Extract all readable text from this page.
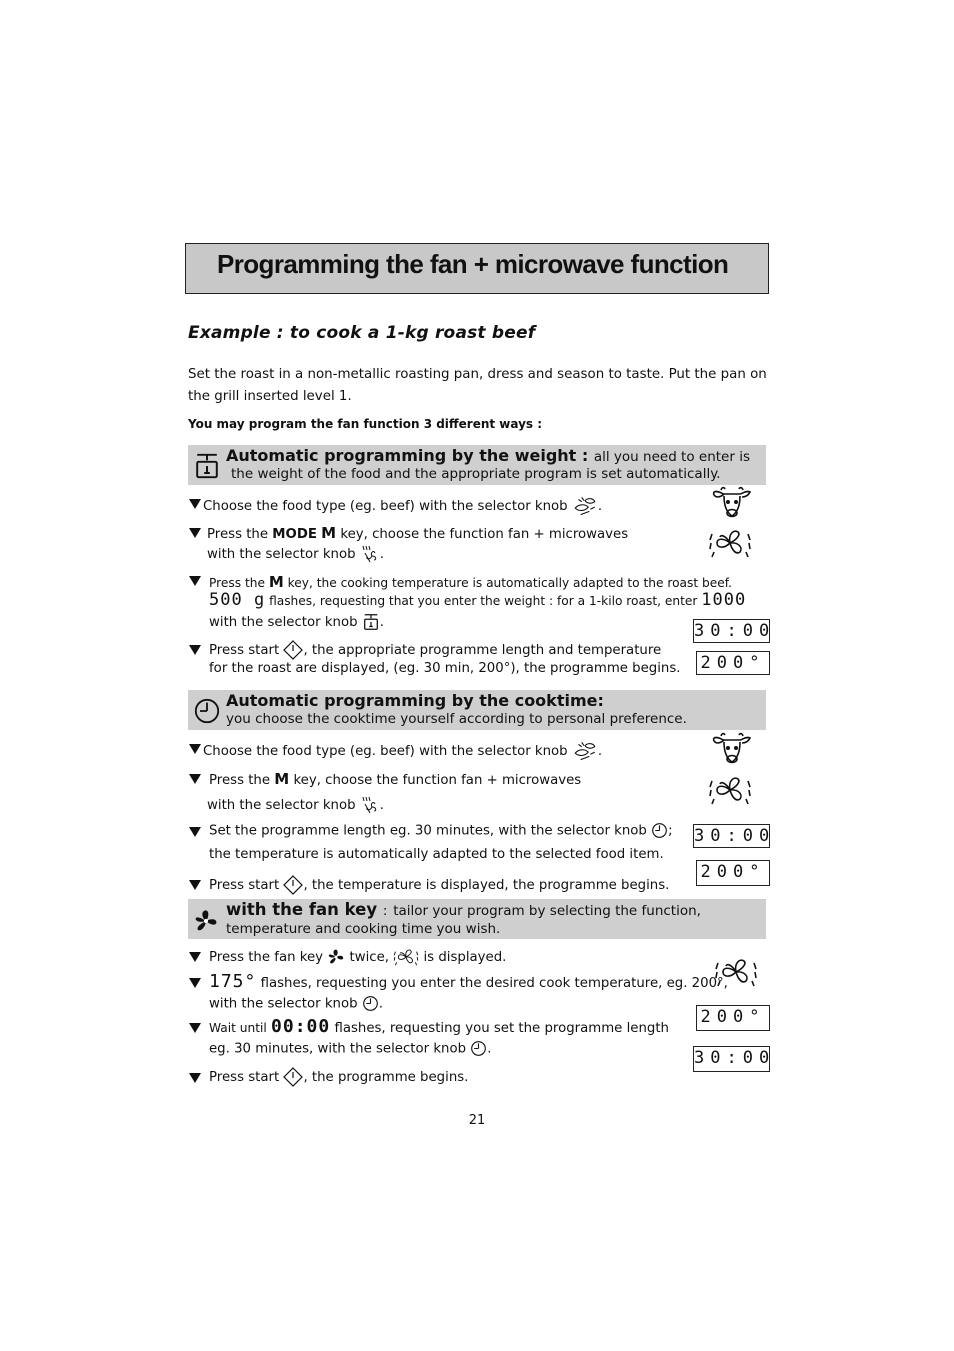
Programming the fan + microwave function
Example : to cook a 1-kg roast beef
Set the roast in a non-metallic roasting pan, dress and season to taste. Put the pan on the grill inserted level 1.
You may program the fan function 3 different ways :
Automatic programming by the weight : all you need to enter is
the weight of the food and the appropriate program is set automatically.
Choose the food type (eg. beef) with the selector knob .
Press the MODE M key, choose the function fan + microwaves
with the selector knob .
Press the M key, the cooking temperature is automatically adapted to the roast beef.
500 g flashes, requesting that you enter the weight : for a 1-kilo roast, enter 1000
with the selector knob .
Press start , the appropriate programme length and temperature
for the roast are displayed, (eg. 30 min, 200°), the programme begins.
30:00
200°
Automatic programming by the cooktime:
you choose the cooktime yourself according to personal preference.
Choose the food type (eg. beef) with the selector knob .
Press the M key, choose the function fan + microwaves
with the selector knob .
Set the programme length eg. 30 minutes, with the selector knob ;
the temperature is automatically adapted to the selected food item.
Press start , the temperature is displayed, the programme begins.
30:00
200°
with the fan key : tailor your program by selecting the function,
temperature and cooking time you wish.
Press the fan key twice,	is displayed.
175° flashes, requesting you enter the desired cook temperature, eg. 200°,
with the selector knob .
Wait until 00:00 flashes, requesting you set the programme length
eg. 30 minutes, with the selector knob .
Press start , the programme begins.
200°
30:00
21
